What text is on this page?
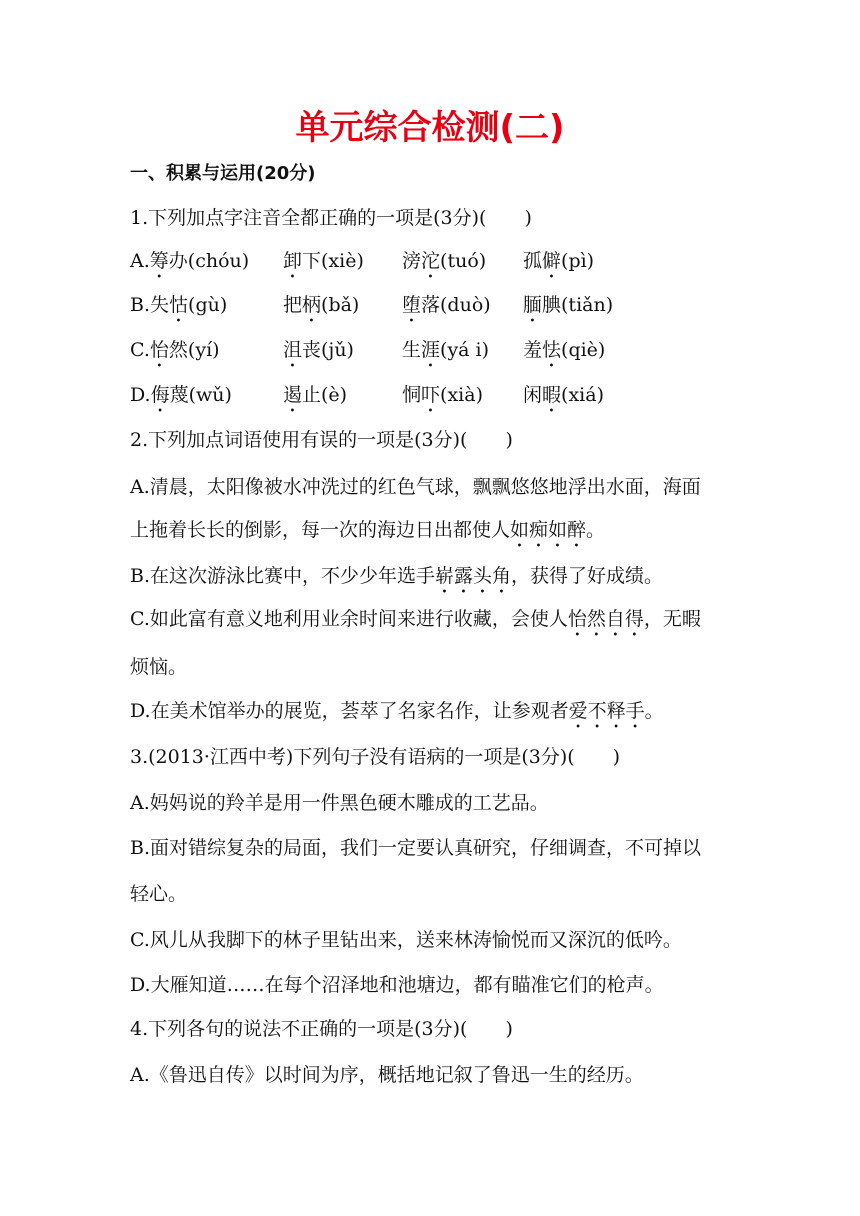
单元综合检测(二)
一、积累与运用(20分)
1.下列加点字注音全都正确的一项是(3分)(　　)
A.筹办(chóu) 卸下(xiè) 滂沱(tuó) 孤僻(pì)
B.失怙(gù)	把柄(bǎ) 堕落(duò) 腼腆(tiǎn)
C.怡然(yí)	沮丧(jǔ)	生涯(yá i) 羞怯(qiè)
D.侮蔑(wǔ)	遏止(è)	恫吓(xià) 闲暇(xiá)
2.下列加点词语使用有误的一项是(3分)(　　)
A.清晨，太阳像被水冲洗过的红色气球，飘飘悠悠地浮出水面，海面
上拖着长长的倒影，每一次的海边日出都使人如痴如醉。
B.在这次游泳比赛中，不少少年选手崭露头角，获得了好成绩。
C.如此富有意义地利用业余时间来进行收藏，会使人怡然自得，无暇
烦恼。
D.在美术馆举办的展览，荟萃了名家名作，让参观者爱不释手。
3.(2013·江西中考)下列句子没有语病的一项是(3分)(　　)
A.妈妈说的羚羊是用一件黑色硬木雕成的工艺品。
B.面对错综复杂的局面，我们一定要认真研究，仔细调查，不可掉以
轻心。
C.风儿从我脚下的林子里钻出来，送来林涛愉悦而又深沉的低吟。
D.大雁知道……在每个沼泽地和池塘边，都有瞄准它们的枪声。
4.下列各句的说法不正确的一项是(3分)(　　)
A.《鲁迅自传》以时间为序，概括地记叙了鲁迅一生的经历。
